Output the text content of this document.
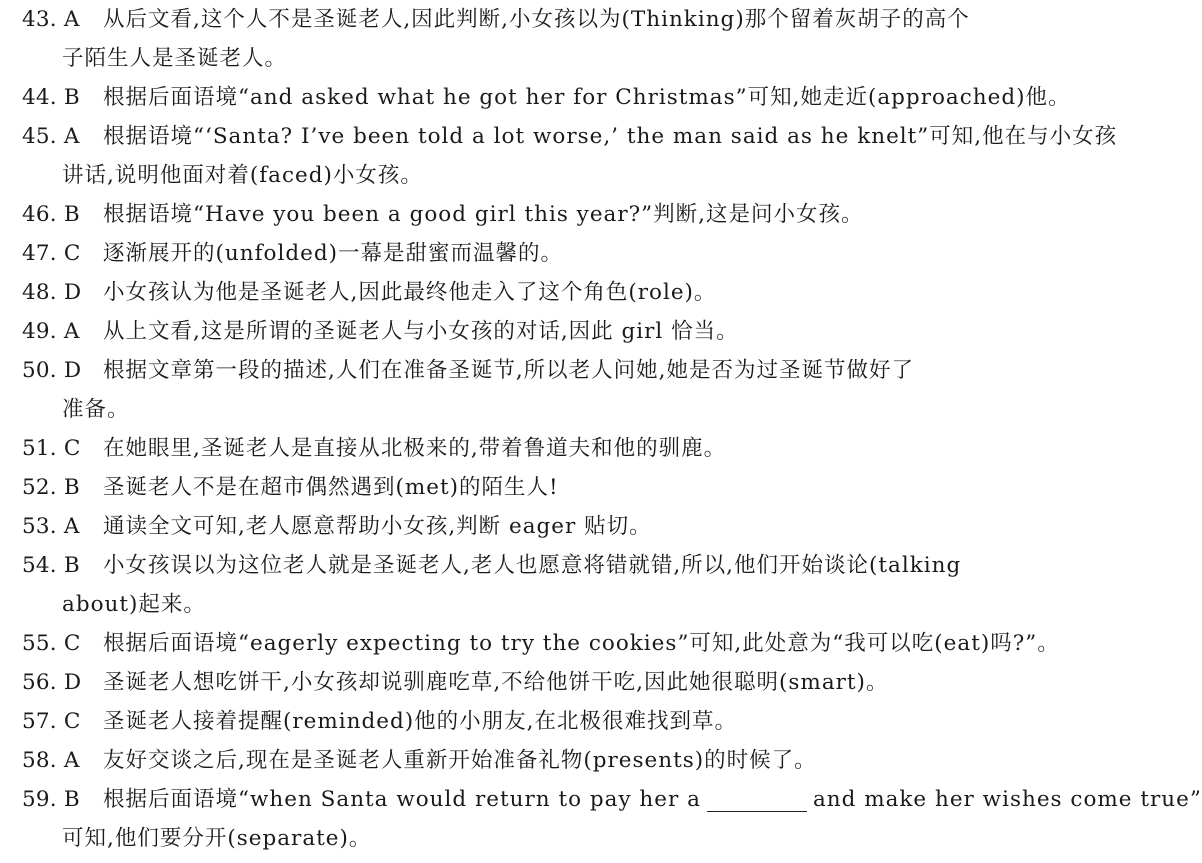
43. A 从后文看,这个人不是圣诞老人,因此判断,小女孩以为(Thinking)那个留着灰胡子的高个
子陌生人是圣诞老人。
44. B 根据后面语境“and asked what he got her for Christmas”可知,她走近(approached)他。
45. A 根据语境“‘Santa? I’ve been told a lot worse,’ the man said as he knelt”可知,他在与小女孩
讲话,说明他面对着(faced)小女孩。
46. B 根据语境“Have you been a good girl this year?”判断,这是问小女孩。
47. C 逐渐展开的(unfolded)一幕是甜蜜而温馨的。
48. D 小女孩认为他是圣诞老人,因此最终他走入了这个角色(role)。
49. A 从上文看,这是所谓的圣诞老人与小女孩的对话,因此 girl 恰当。
50. D 根据文章第一段的描述,人们在准备圣诞节,所以老人问她,她是否为过圣诞节做好了
准备。
51. C 在她眼里,圣诞老人是直接从北极来的,带着鲁道夫和他的驯鹿。
52. B 圣诞老人不是在超市偶然遇到(met)的陌生人!
53. A 通读全文可知,老人愿意帮助小女孩,判断 eager 贴切。
54. B 小女孩误以为这位老人就是圣诞老人,老人也愿意将错就错,所以,他们开始谈论(talking
about)起来。
55. C 根据后面语境“eagerly expecting to try the cookies”可知,此处意为“我可以吃(eat)吗?”。
56. D 圣诞老人想吃饼干,小女孩却说驯鹿吃草,不给他饼干吃,因此她很聪明(smart)。
57. C 圣诞老人接着提醒(reminded)他的小朋友,在北极很难找到草。
58. A 友好交谈之后,现在是圣诞老人重新开始准备礼物(presents)的时候了。
59. B 根据后面语境“when Santa would return to pay her a	and make her wishes come true”
可知,他们要分开(separate)。
